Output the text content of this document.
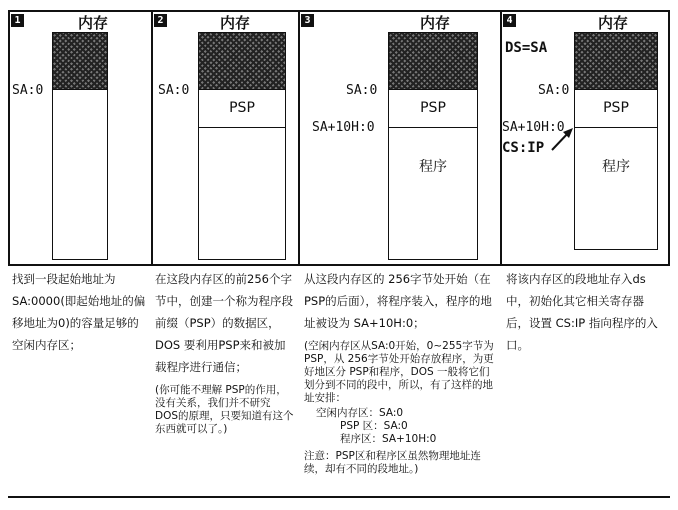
1	内存
SA:0
2	内存
PSP
SA:0
3	内存
PSP
程序
SA:0
SA+10H:0
4	内存
DS=SA
PSP
程序
SA:0
SA+10H:0
CS:IP

找到一段起始地址为SA:0000(即起始地址的偏移地址为0)的容量足够的空闲内存区；

在这段内存区的前256个字节中，创建一个称为程序段前缀（PSP）的数据区，DOS 要利用PSP来和被加载程序进行通信；

(你可能不理解 PSP的作用，没有关系，我们并不研究 DOS的原理，只要知道有这个东西就可以了。)

从这段内存区的 256字节处开始（在 PSP的后面），将程序装入，程序的地址被设为 SA+10H:0；

(空闲内存区从SA:0开始，0~255字节为 PSP，从 256字节处开始存放程序，为更好地区分 PSP和程序，DOS 一般将它们划分到不同的段中，所以，有了这样的地址安排：

空闲内存区：SA:0
PSP 区：SA:0
程序区：SA+10H:0

注意：PSP区和程序区虽然物理地址连续，却有不同的段地址。)

将该内存区的段地址存入ds中，初始化其它相关寄存器后，设置 CS:IP 指向程序的入口。
